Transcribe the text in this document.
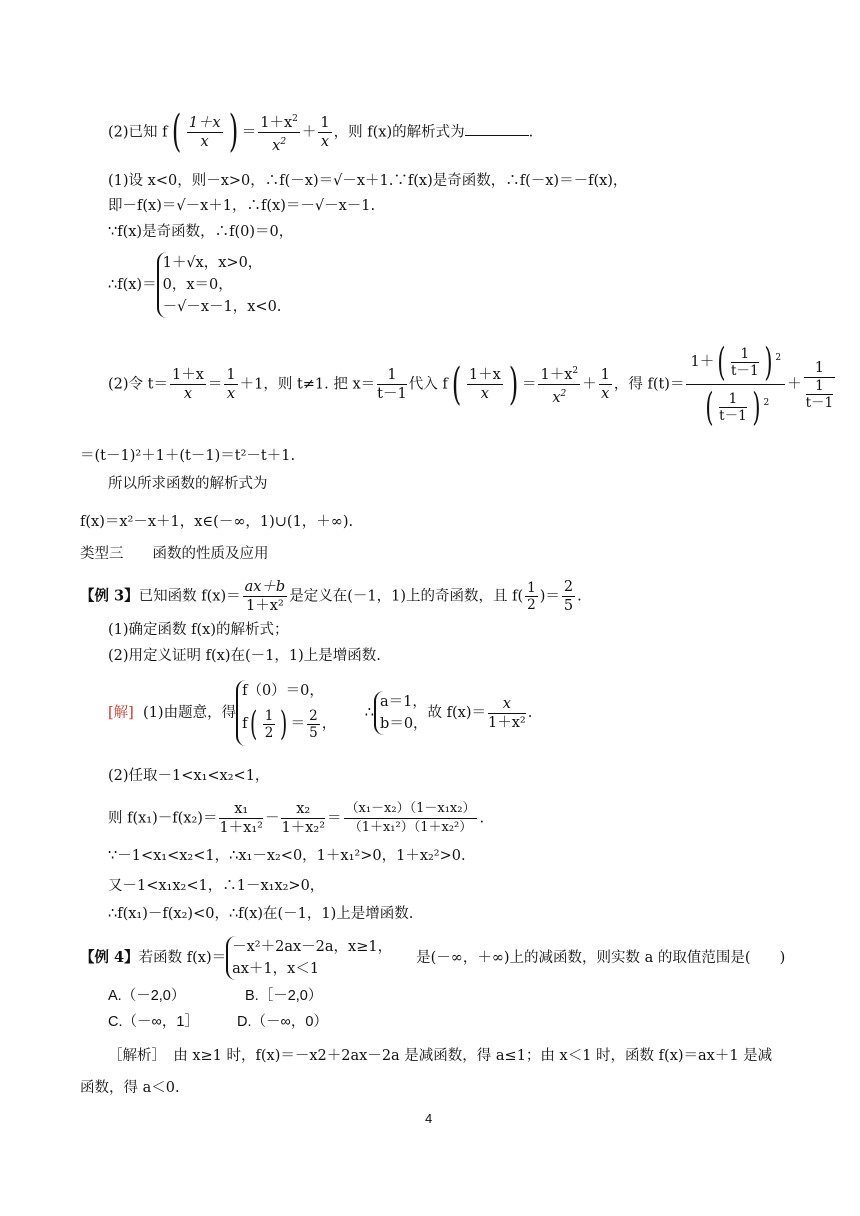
(2)已知 $f( \frac{1+x}{x}$ ) ＝ $\frac{1+x^2}{x^2} + \frac{1}{x}$ ，则 f(x)的解析式为	.
(1)设 x<0，则－x>0，∴f(－x)＝√－x＋1.∵f(x)是奇函数，∴f(－x)＝－f(x)，
即－f(x)＝√－x＋1，∴f(x)＝－√－x－1.
∵f(x)是奇函数，∴f(0)＝0，
∴f(x)＝
1＋√x，x>0，
0，x＝0，
－√－x－1，x<0.
(2)令 $t= \frac{1+x}{x} = \frac{1}{x} +1$，则 t≠1. 把 $x= \frac{1}{t-1}$ 代入 $f( \frac{1+x}{x}$ ) ＝ $\frac{1+x^2}{x^2} + \frac{1}{x}$ ，得 $f(t)= \frac{1+( \frac{1}{t-1} ) ^2}{( \frac{1}{t-1} ) ^2} + \frac{1}{\frac{1}{t-1}}$
＝(t－1)²＋1＋(t－1)＝t²－t＋1.
所以所求函数的解析式为
f(x)＝x²－x＋1，x∈(－∞，1)∪(1，＋∞).
类型三　　函数的性质及应用
【例 3】已知函数 $f(x)= \frac{ax+b}{\text{1＋x²}}$ 是定义在(－1，1)上的奇函数，且 $f( \frac{1}{2}$ )＝ $\frac{2}{5}$ .
(1)确定函数 f(x)的解析式；
(2)用定义证明 f(x)在(－1，1)上是增函数.
[解] (1)由题意，得
f（0）＝0，
$f( \frac{1}{2}$ ) ＝ $\frac{2}{5}$ ，
∴
a＝1，
b＝0，
故 $f(x)= \frac{x}{\text{1＋x²}}$ .
(2)任取－1<x₁<x₂<1，
则 $f(x_1)-f(x_2)= \frac{\text{x₁}}{\text{1＋x₁²}} - \frac{\text{x₂}}{\text{1＋x₂²}} = \frac{\text{（x₁－x₂）（1－x₁x₂）}}{\text{（1＋x₁²）（1＋x₂²）}}$ .
∵－1<x₁<x₂<1，∴x₁－x₂<0，1＋x₁²>0，1＋x₂²>0.
又－1<x₁x₂<1，∴1－x₁x₂>0，
∴f(x₁)－f(x₂)<0，∴f(x)在(－1，1)上是增函数.
【例 4】若函数 f(x)＝
－x²＋2ax－2a，x≥1，
ax＋1，x＜1
是(－∞，＋∞)上的减函数，则实数 a 的取值范围是(　　)
A.（－2,0）	B.［－2,0）
C.（－∞，1］	D.（－∞，0）
［解析］　由 x≥1 时，f(x)＝－x2＋2ax－2a 是减函数，得 a≤1；由 x＜1 时，函数 f(x)＝ax＋1 是减
函数，得 a＜0.
4
